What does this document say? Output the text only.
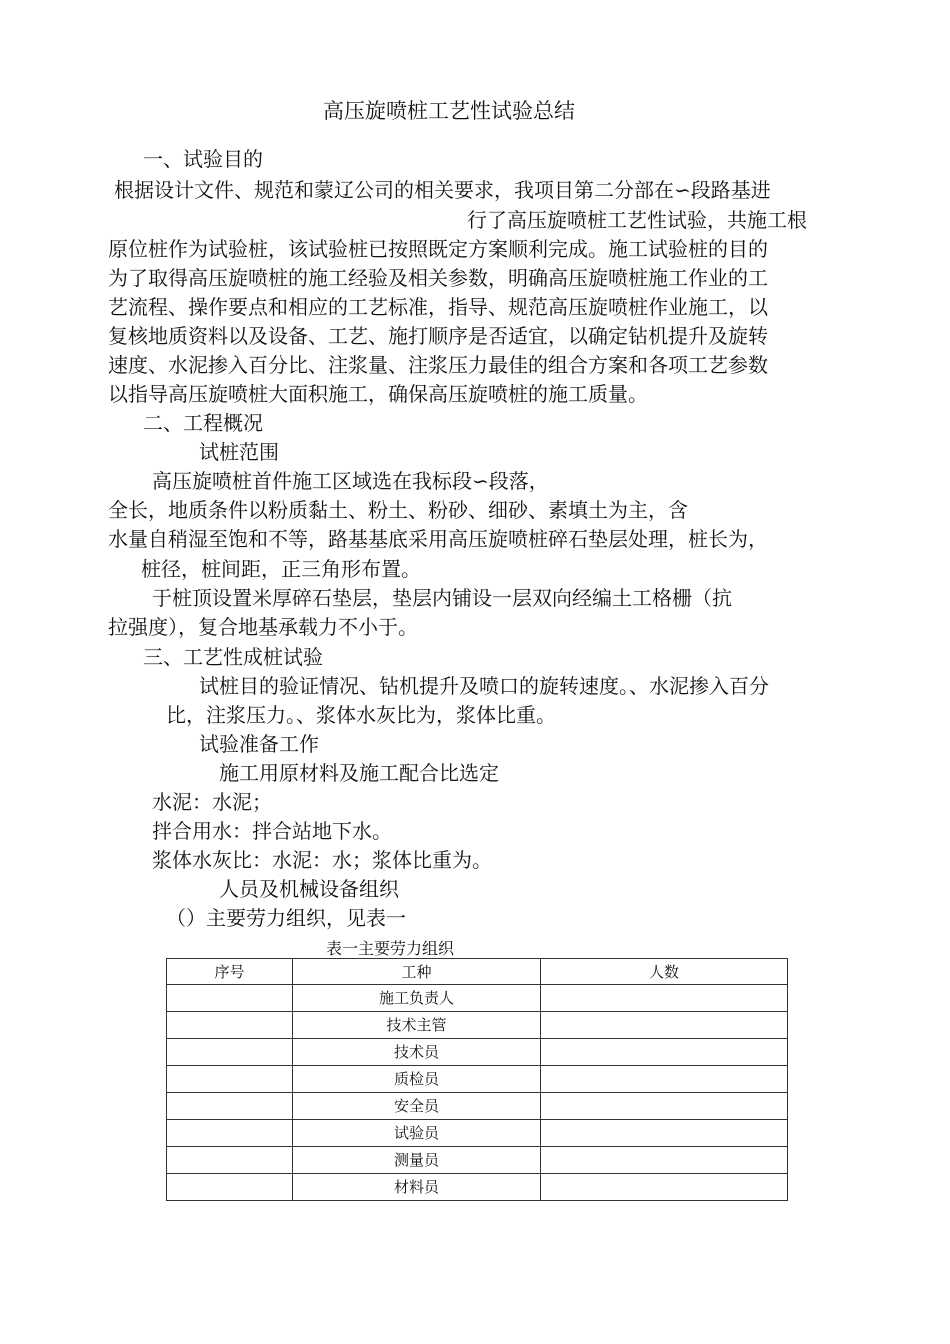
高压旋喷桩工艺性试验总结
一、试验目的
根据设计文件、规范和蒙辽公司的相关要求，我项目第二分部在∽段路基进
行了高压旋喷桩工艺性试验，共施工根
原位桩作为试验桩，该试验桩已按照既定方案顺利完成。施工试验桩的目的
为了取得高压旋喷桩的施工经验及相关参数，明确高压旋喷桩施工作业的工
艺流程、操作要点和相应的工艺标准，指导、规范高压旋喷桩作业施工，以
复核地质资料以及设备、工艺、施打顺序是否适宜，以确定钻机提升及旋转
速度、水泥掺入百分比、注浆量、注浆压力最佳的组合方案和各项工艺参数
以指导高压旋喷桩大面积施工，确保高压旋喷桩的施工质量。
二、工程概况
试桩范围
高压旋喷桩首件施工区域选在我标段∽段落，
全长，地质条件以粉质黏土、粉土、粉砂、细砂、素填土为主，含
水量自稍湿至饱和不等，路基基底采用高压旋喷桩碎石垫层处理，桩长为，
桩径，桩间距，正三角形布置。
于桩顶设置米厚碎石垫层，垫层内铺设一层双向经编土工格栅（抗
拉强度），复合地基承载力不小于。
三、工艺性成桩试验
试桩目的验证情况、钻机提升及喷口的旋转速度。、水泥掺入百分
比，注浆压力。、浆体水灰比为，浆体比重。
试验准备工作
施工用原材料及施工配合比选定
水泥：水泥；
拌合用水：拌合站地下水。
浆体水灰比：水泥：水；浆体比重为。
人员及机械设备组织
（）主要劳力组织，见表一
表一主要劳力组织
序号	工种	人数
	施工负责人	
	技术主管	
	技术员	
	质检员	
	安全员	
	试验员	
	测量员	
	材料员	
